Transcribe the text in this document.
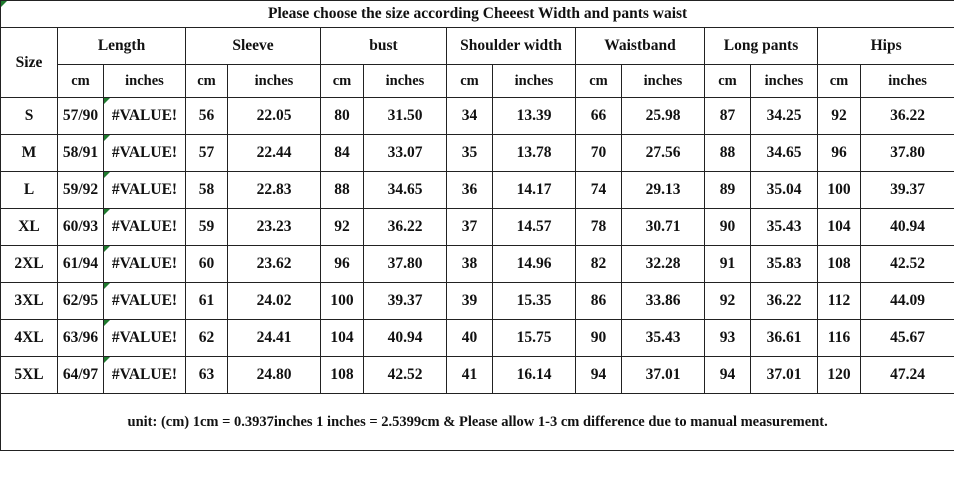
Please choose the size according Cheeest Width and pants waist														

Size	Length		Sleeve		bust		Shoulder width		Waistband		Long pants		Hips	
	cm	inches	cm	inches	cm	inches	cm	inches	cm	inches	cm	inches	cm	inches
S	57/90	#VALUE!	56	22.05	80	31.50	34	13.39	66	25.98	87	34.25	92	36.22
M	58/91	#VALUE!	57	22.44	84	33.07	35	13.78	70	27.56	88	34.65	96	37.80
L	59/92	#VALUE!	58	22.83	88	34.65	36	14.17	74	29.13	89	35.04	100	39.37
XL	60/93	#VALUE!	59	23.23	92	36.22	37	14.57	78	30.71	90	35.43	104	40.94
2XL	61/94	#VALUE!	60	23.62	96	37.80	38	14.96	82	32.28	91	35.83	108	42.52
3XL	62/95	#VALUE!	61	24.02	100	39.37	39	15.35	86	33.86	92	36.22	112	44.09
4XL	63/96	#VALUE!	62	24.41	104	40.94	40	15.75	90	35.43	93	36.61	116	45.67
5XL	64/97	#VALUE!	63	24.80	108	42.52	41	16.14	94	37.01	94	37.01	120	47.24
unit: (cm) 1cm = 0.3937inches 1 inches = 2.5399cm & Please allow 1-3 cm difference due to manual measurement.														
